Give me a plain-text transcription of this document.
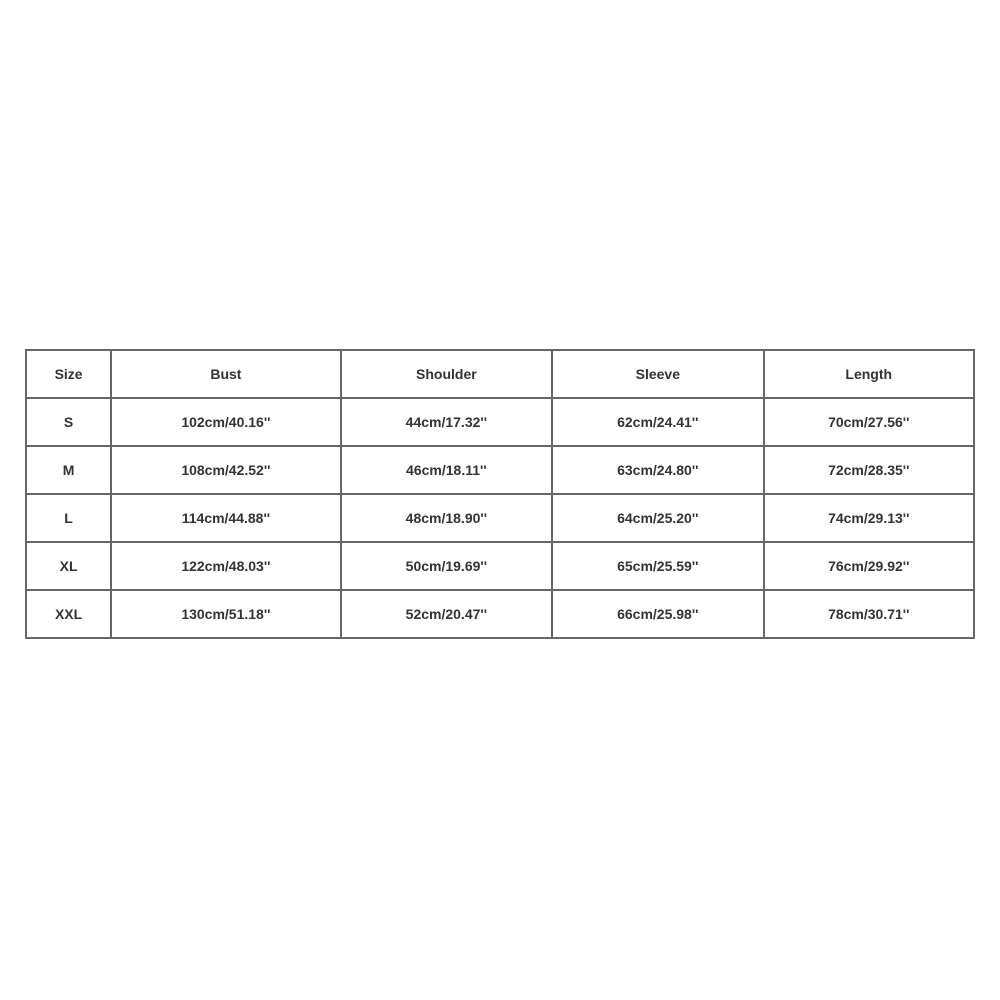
Size	Bust	Shoulder	Sleeve	Length
S	102cm/40.16''	44cm/17.32''	62cm/24.41''	70cm/27.56''
M	108cm/42.52''	46cm/18.11''	63cm/24.80''	72cm/28.35''
L	114cm/44.88''	48cm/18.90''	64cm/25.20''	74cm/29.13''
XL	122cm/48.03''	50cm/19.69''	65cm/25.59''	76cm/29.92''
XXL	130cm/51.18''	52cm/20.47''	66cm/25.98''	78cm/30.71''
